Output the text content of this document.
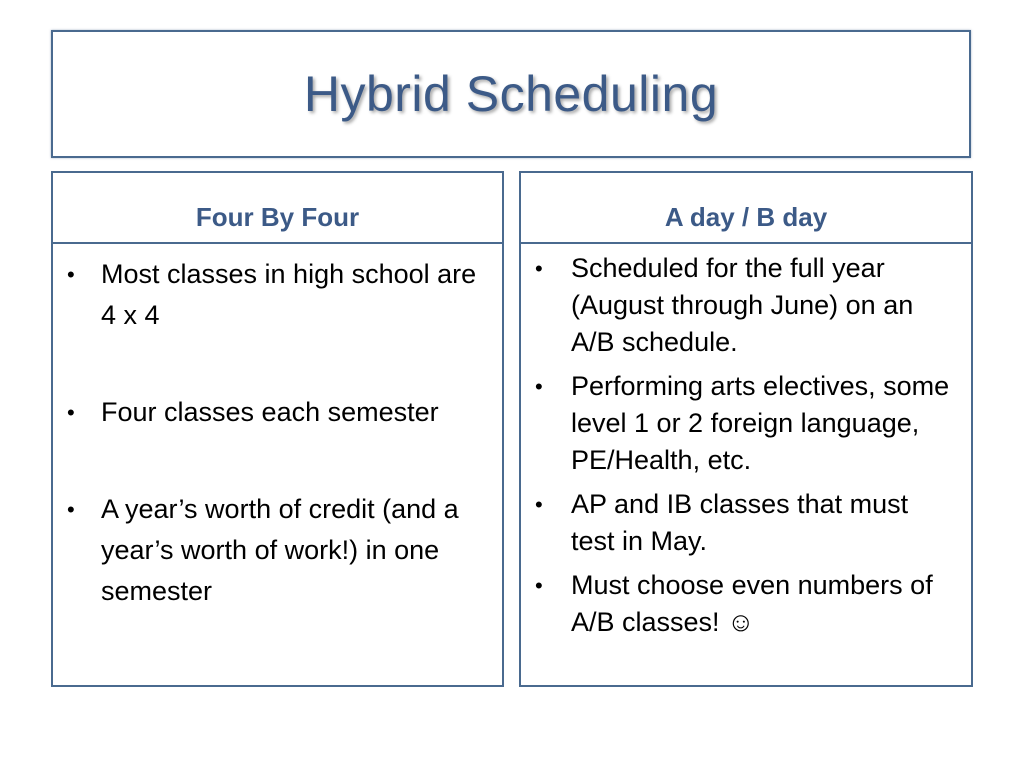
Hybrid Scheduling
Four By Four
• Most classes in high school are 4 x 4
• Four classes each semester
• A year’s worth of credit (and a year’s worth of work!) in one semester
A day / B day
• Scheduled for the full year (August through June) on an A/B schedule.
• Performing arts electives, some level 1 or 2 foreign language, PE/Health, etc.
• AP and IB classes that must test in May.
• Must choose even numbers of A/B classes! ☺
